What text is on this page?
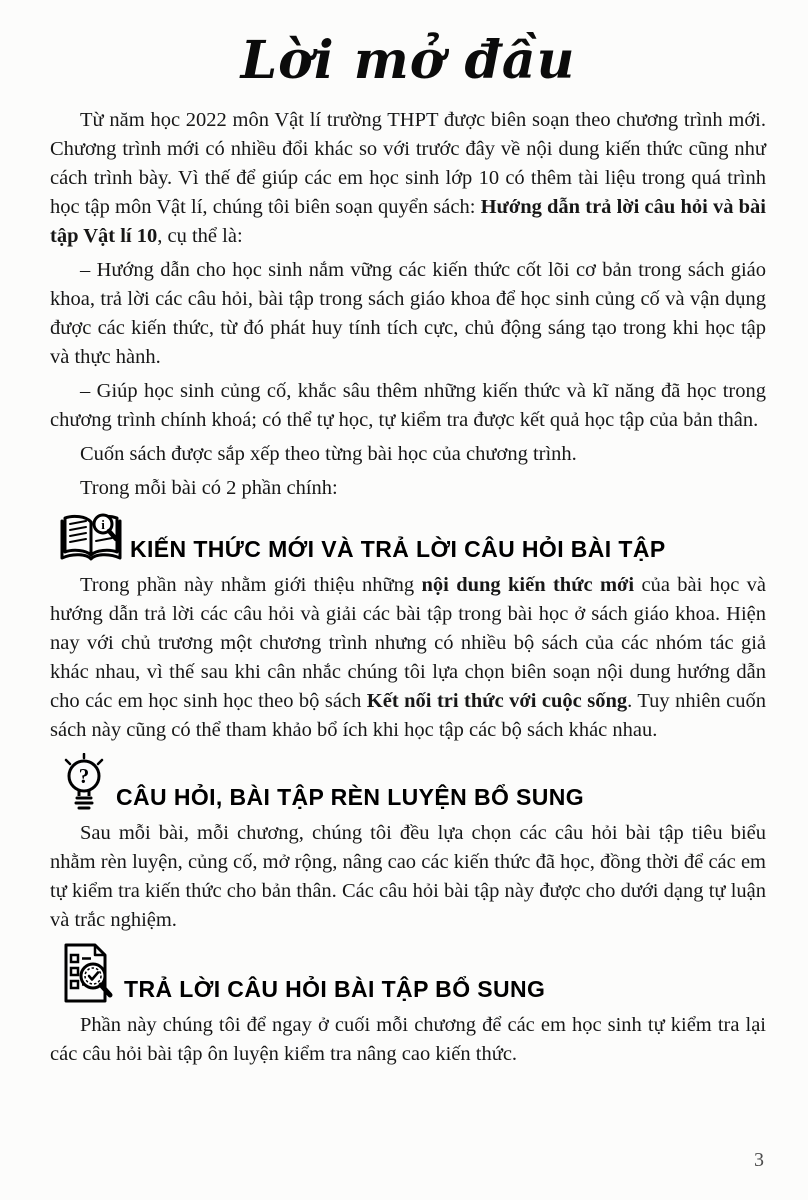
Lời mở đầu

Từ năm học 2022 môn Vật lí trường THPT được biên soạn theo chương trình mới. Chương trình mới có nhiều đổi khác so với trước đây về nội dung kiến thức cũng như cách trình bày. Vì thế để giúp các em học sinh lớp 10 có thêm tài liệu trong quá trình học tập môn Vật lí, chúng tôi biên soạn quyển sách: Hướng dẫn trả lời câu hỏi và bài tập Vật lí 10, cụ thể là:

– Hướng dẫn cho học sinh nắm vững các kiến thức cốt lõi cơ bản trong sách giáo khoa, trả lời các câu hỏi, bài tập trong sách giáo khoa để học sinh củng cố và vận dụng được các kiến thức, từ đó phát huy tính tích cực, chủ động sáng tạo trong khi học tập và thực hành.

– Giúp học sinh củng cố, khắc sâu thêm những kiến thức và kĩ năng đã học trong chương trình chính khoá; có thể tự học, tự kiểm tra được kết quả học tập của bản thân.

Cuốn sách được sắp xếp theo từng bài học của chương trình.

Trong mỗi bài có 2 phần chính:

i
KIẾN THỨC MỚI VÀ TRẢ LỜI CÂU HỎI BÀI TẬP

Trong phần này nhằm giới thiệu những nội dung kiến thức mới của bài học và hướng dẫn trả lời các câu hỏi và giải các bài tập trong bài học ở sách giáo khoa. Hiện nay với chủ trương một chương trình nhưng có nhiều bộ sách của các nhóm tác giả khác nhau, vì thế sau khi cân nhắc chúng tôi lựa chọn biên soạn nội dung hướng dẫn cho các em học sinh học theo bộ sách Kết nối tri thức với cuộc sống. Tuy nhiên cuốn sách này cũng có thể tham khảo bổ ích khi học tập các bộ sách khác nhau.

?
CÂU HỎI, BÀI TẬP RÈN LUYỆN BỔ SUNG

Sau mỗi bài, mỗi chương, chúng tôi đều lựa chọn các câu hỏi bài tập tiêu biểu nhằm rèn luyện, củng cố, mở rộng, nâng cao các kiến thức đã học, đồng thời để các em tự kiểm tra kiến thức cho bản thân. Các câu hỏi bài tập này được cho dưới dạng tự luận và trắc nghiệm.

TRẢ LỜI CÂU HỎI BÀI TẬP BỔ SUNG

Phần này chúng tôi để ngay ở cuối mỗi chương để các em học sinh tự kiểm tra lại các câu hỏi bài tập ôn luyện kiểm tra nâng cao kiến thức.

3
